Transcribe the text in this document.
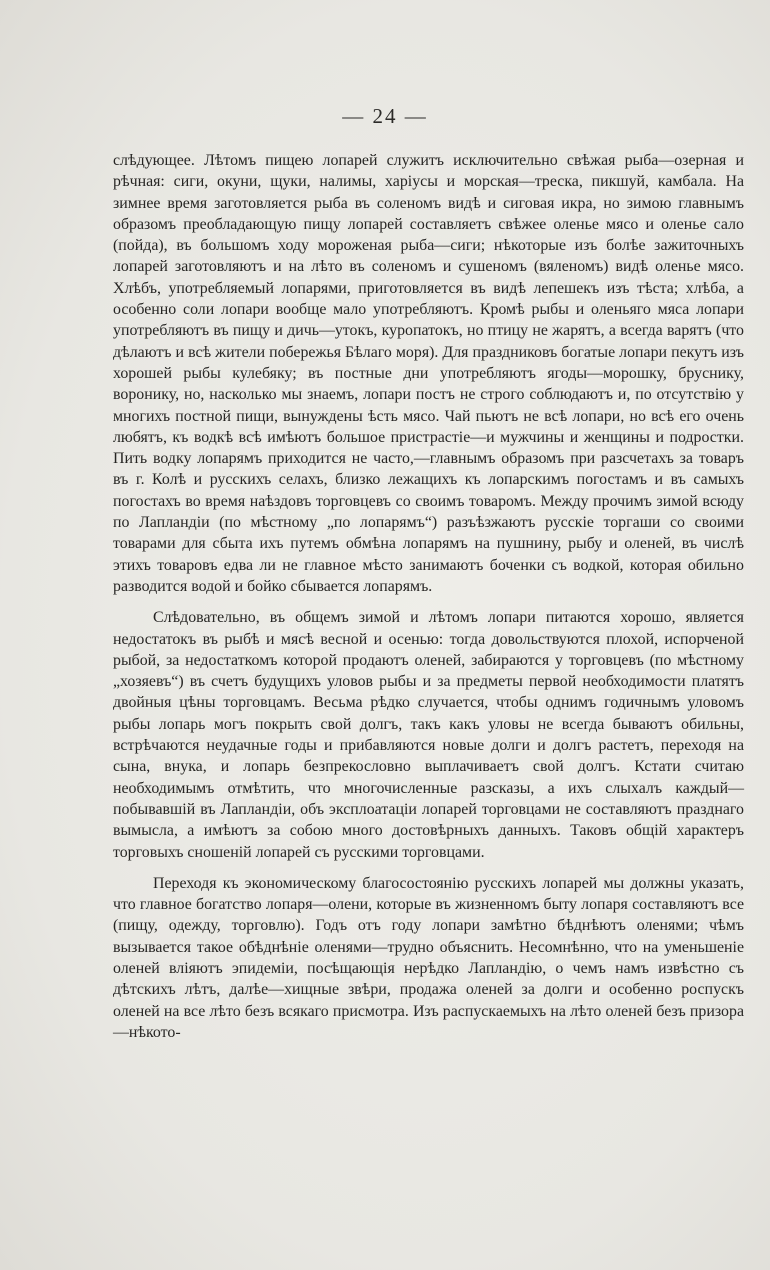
— 24 —

слѣдующее. Лѣтомъ пищею лопарей служитъ исключительно свѣжая рыба—озерная и рѣчная: сиги, окуни, щуки, налимы, харіусы и морская—треска, пикшуй, камбала. На зимнее время заготовляется рыба въ соленомъ видѣ и сиговая икра, но зимою главнымъ образомъ преобладающую пищу лопарей составляетъ свѣжее оленье мясо и оленье сало (пойда), въ большомъ ходу мороженая рыба—сиги; нѣкоторые изъ болѣе зажиточныхъ лопарей заготовляютъ и на лѣто въ соленомъ и сушеномъ (вяленомъ) видѣ оленье мясо. Хлѣбъ, употребляемый лопарями, приготовляется въ видѣ лепешекъ изъ тѣста; хлѣба, а особенно соли лопари вообще мало употребляютъ. Кромѣ рыбы и оленьяго мяса лопари употребляютъ въ пищу и дичь—утокъ, куропатокъ, но птицу не жарятъ, а всегда варятъ (что дѣлаютъ и всѣ жители побережья Бѣлаго моря). Для праздниковъ богатые лопари пекутъ изъ хорошей рыбы кулебяку; въ постные дни употребляютъ ягоды—морошку, бруснику, воронику, но, насколько мы знаемъ, лопари постъ не строго соблюдаютъ и, по отсутствію у многихъ постной пищи, вынуждены ѣсть мясо. Чай пьютъ не всѣ лопари, но всѣ его очень любятъ, къ водкѣ всѣ имѣютъ большое пристрастіе—и мужчины и женщины и подростки. Пить водку лопарямъ приходится не часто,—главнымъ образомъ при разсчетахъ за товаръ въ г. Колѣ и русскихъ селахъ, близко лежащихъ къ лопарскимъ погостамъ и въ самыхъ погостахъ во время наѣздовъ торговцевъ со своимъ товаромъ. Между прочимъ зимой всюду по Лапландіи (по мѣстному „по лопарямъ“) разъѣзжаютъ русскіе торгаши со своими товарами для сбыта ихъ путемъ обмѣна лопарямъ на пушнину, рыбу и оленей, въ числѣ этихъ товаровъ едва ли не главное мѣсто занимаютъ боченки съ водкой, которая обильно разводится водой и бойко сбывается лопарямъ.

Слѣдовательно, въ общемъ зимой и лѣтомъ лопари питаются хорошо, является недостатокъ въ рыбѣ и мясѣ весной и осенью: тогда довольствуются плохой, испорченой рыбой, за недостаткомъ которой продаютъ оленей, забираются у торговцевъ (по мѣстному „хозяевъ“) въ счетъ будущихъ уловов рыбы и за предметы первой необходимости платятъ двойныя цѣны торговцамъ. Весьма рѣдко случается, чтобы однимъ годичнымъ уловомъ рыбы лопарь могъ покрыть свой долгъ, такъ какъ уловы не всегда бываютъ обильны, встрѣчаются неудачные годы и прибавляются новые долги и долгъ растетъ, переходя на сына, внука, и лопарь безпрекословно выплачиваетъ свой долгъ. Кстати считаю необходимымъ отмѣтить, что многочисленные разсказы, а ихъ слыхалъ каждый—побывавшій въ Лапландіи, объ эксплоатаціи лопарей торговцами не составляютъ празднаго вымысла, а имѣютъ за собою много достовѣрныхъ данныхъ. Таковъ общій характеръ торговыхъ сношеній лопарей съ русскими торговцами.

Переходя къ экономическому благосостоянію русскихъ лопарей мы должны указать, что главное богатство лопаря—олени, которые въ жизненномъ быту лопаря составляютъ все (пищу, одежду, торговлю). Годъ отъ году лопари замѣтно бѣднѣютъ оленями; чѣмъ вызывается такое обѣднѣніе оленями—трудно объяснить. Несомнѣнно, что на уменьшеніе оленей вліяютъ эпидеміи, посѣщающія нерѣдко Лапландію, о чемъ намъ извѣстно съ дѣтскихъ лѣтъ, далѣе—хищные звѣри, продажа оленей за долги и особенно роспускъ оленей на все лѣто безъ всякаго присмотра. Изъ распускаемыхъ на лѣто оленей безъ призора—нѣкото-
